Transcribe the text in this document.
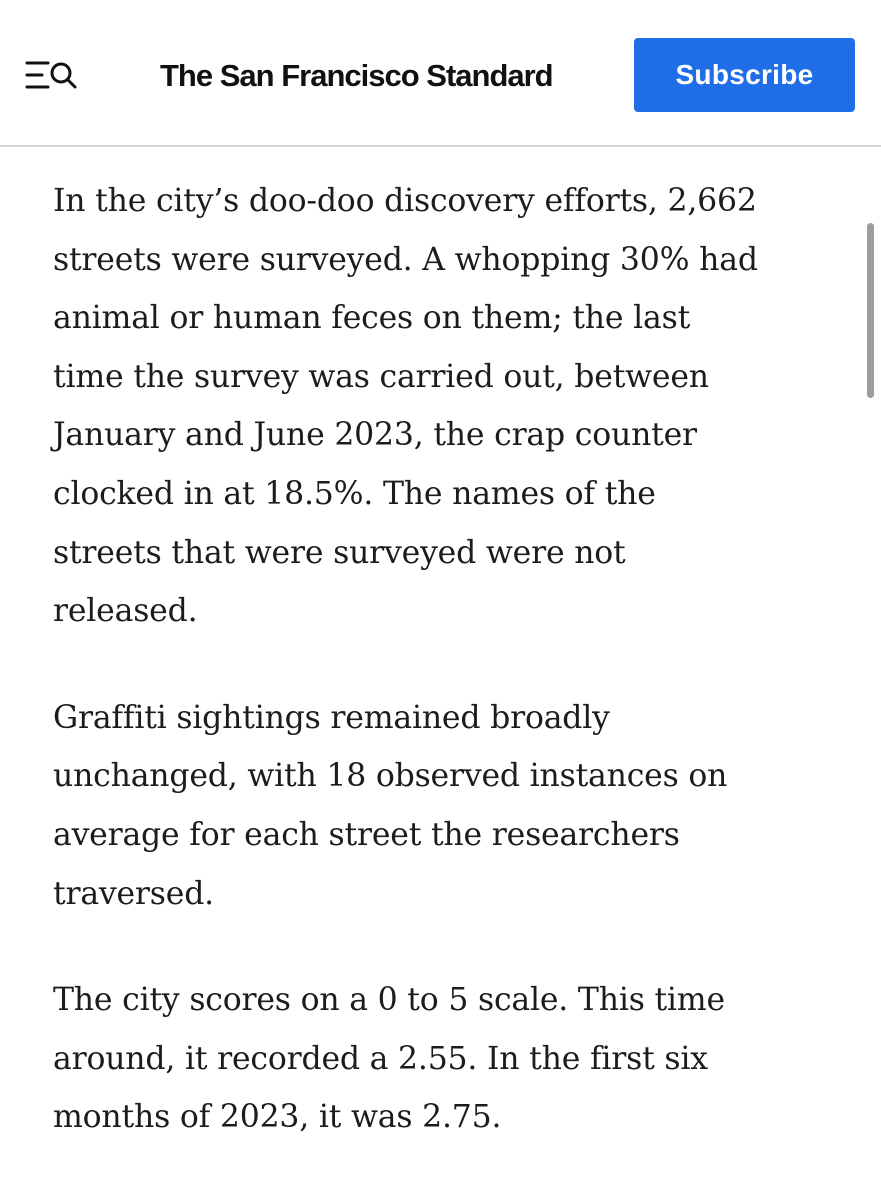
The San Francisco Standard	Subscribe

In the city’s doo-doo discovery efforts, 2,662
streets were surveyed. A whopping 30% had
animal or human feces on them; the last
time the survey was carried out, between
January and June 2023, the crap counter
clocked in at 18.5%. The names of the
streets that were surveyed were not
released.

Graffiti sightings remained broadly
unchanged, with 18 observed instances on
average for each street the researchers
traversed.

The city scores on a 0 to 5 scale. This time
around, it recorded a 2.55. In the first six
months of 2023, it was 2.75.
